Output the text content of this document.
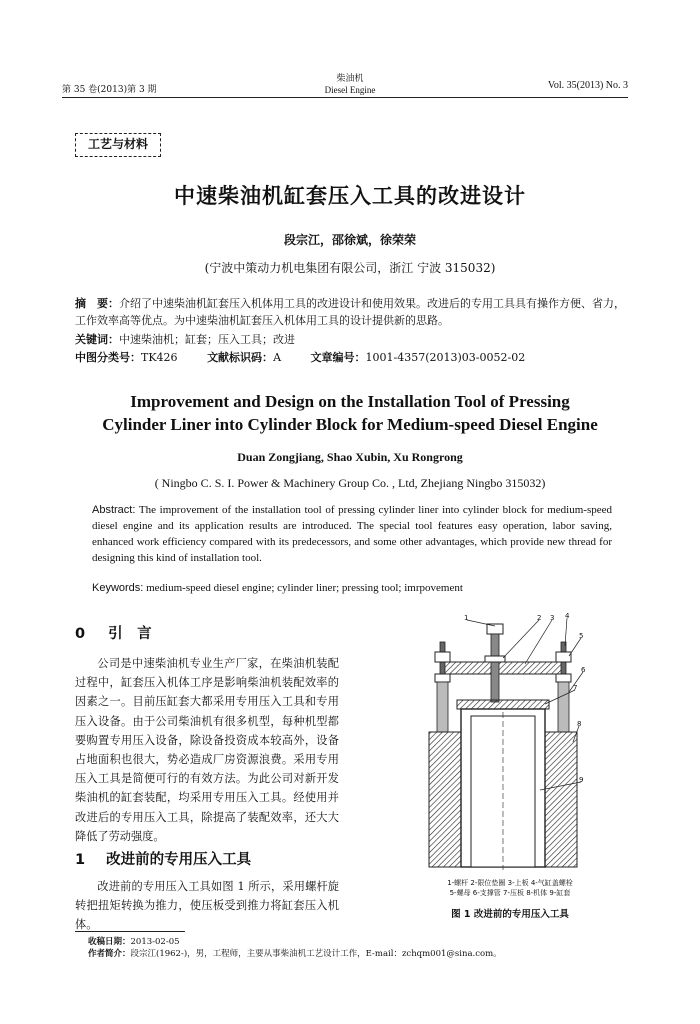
第 35 卷(2013)第 3 期
柴油机
Diesel Engine	Vol. 35(2013) No. 3
工艺与材料
中速柴油机缸套压入工具的改进设计
段宗江，邵徐斌，徐荣荣
(宁波中策动力机电集团有限公司，浙江 宁波 315032)
摘　要：介绍了中速柴油机缸套压入机体用工具的改进设计和使用效果。改进后的专用工具具有操作方便、省力，工作效率高等优点。为中速柴油机缸套压入机体用工具的设计提供新的思路。
关键词：中速柴油机；缸套；压入工具；改进
中图分类号：TK426	文献标识码：A	文章编号：1001-4357(2013)03-0052-02
Improvement and Design on the Installation Tool of Pressing
Cylinder Liner into Cylinder Block for Medium-speed Diesel Engine
Duan Zongjiang, Shao Xubin, Xu Rongrong
( Ningbo C. S. I. Power & Machinery Group Co. , Ltd, Zhejiang Ningbo 315032)
Abstract: The improvement of the installation tool of pressing cylinder liner into cylinder block for medium-speed diesel engine and its application results are introduced. The special tool features easy operation, labor saving, enhanced work efficiency compared with its predecessors, and some other advantages, which provide new thread for designing this kind of installation tool.
Keywords: medium-speed diesel engine; cylinder liner; pressing tool; imrpovement
0 引　言
公司是中速柴油机专业生产厂家，在柴油机装配过程中，缸套压入机体工序是影响柴油机装配效率的因素之一。目前压缸套大都采用专用压入工具和专用压入设备。由于公司柴油机有很多机型，每种机型都要购置专用压入设备，除设备投资成本较高外，设备占地面积也很大，势必造成厂房资源浪费。采用专用压入工具是简便可行的有效方法。为此公司对新开发柴油机的缸套装配，均采用专用压入工具。经使用并改进后的专用压入工具，除提高了装配效率，还大大降低了劳动强度。
1 改进前的专用压入工具
改进前的专用压入工具如图 1 所示，采用螺杆旋转把扭矩转换为推力，使压板受到推力将缸套压入机体。
1	2 3 4
5
6
7
8
9
1-螺杆 2-限位垫圈 3-上板 4-气缸盖螺栓
5-螺母 6-支撑管 7-压板 8-机体 9-缸套
图 1 改进前的专用压入工具
收稿日期：2013-02-05
作者简介：段宗江(1962-)，男，工程师，主要从事柴油机工艺设计工作，E-mail：zchqm001@sina.com。
